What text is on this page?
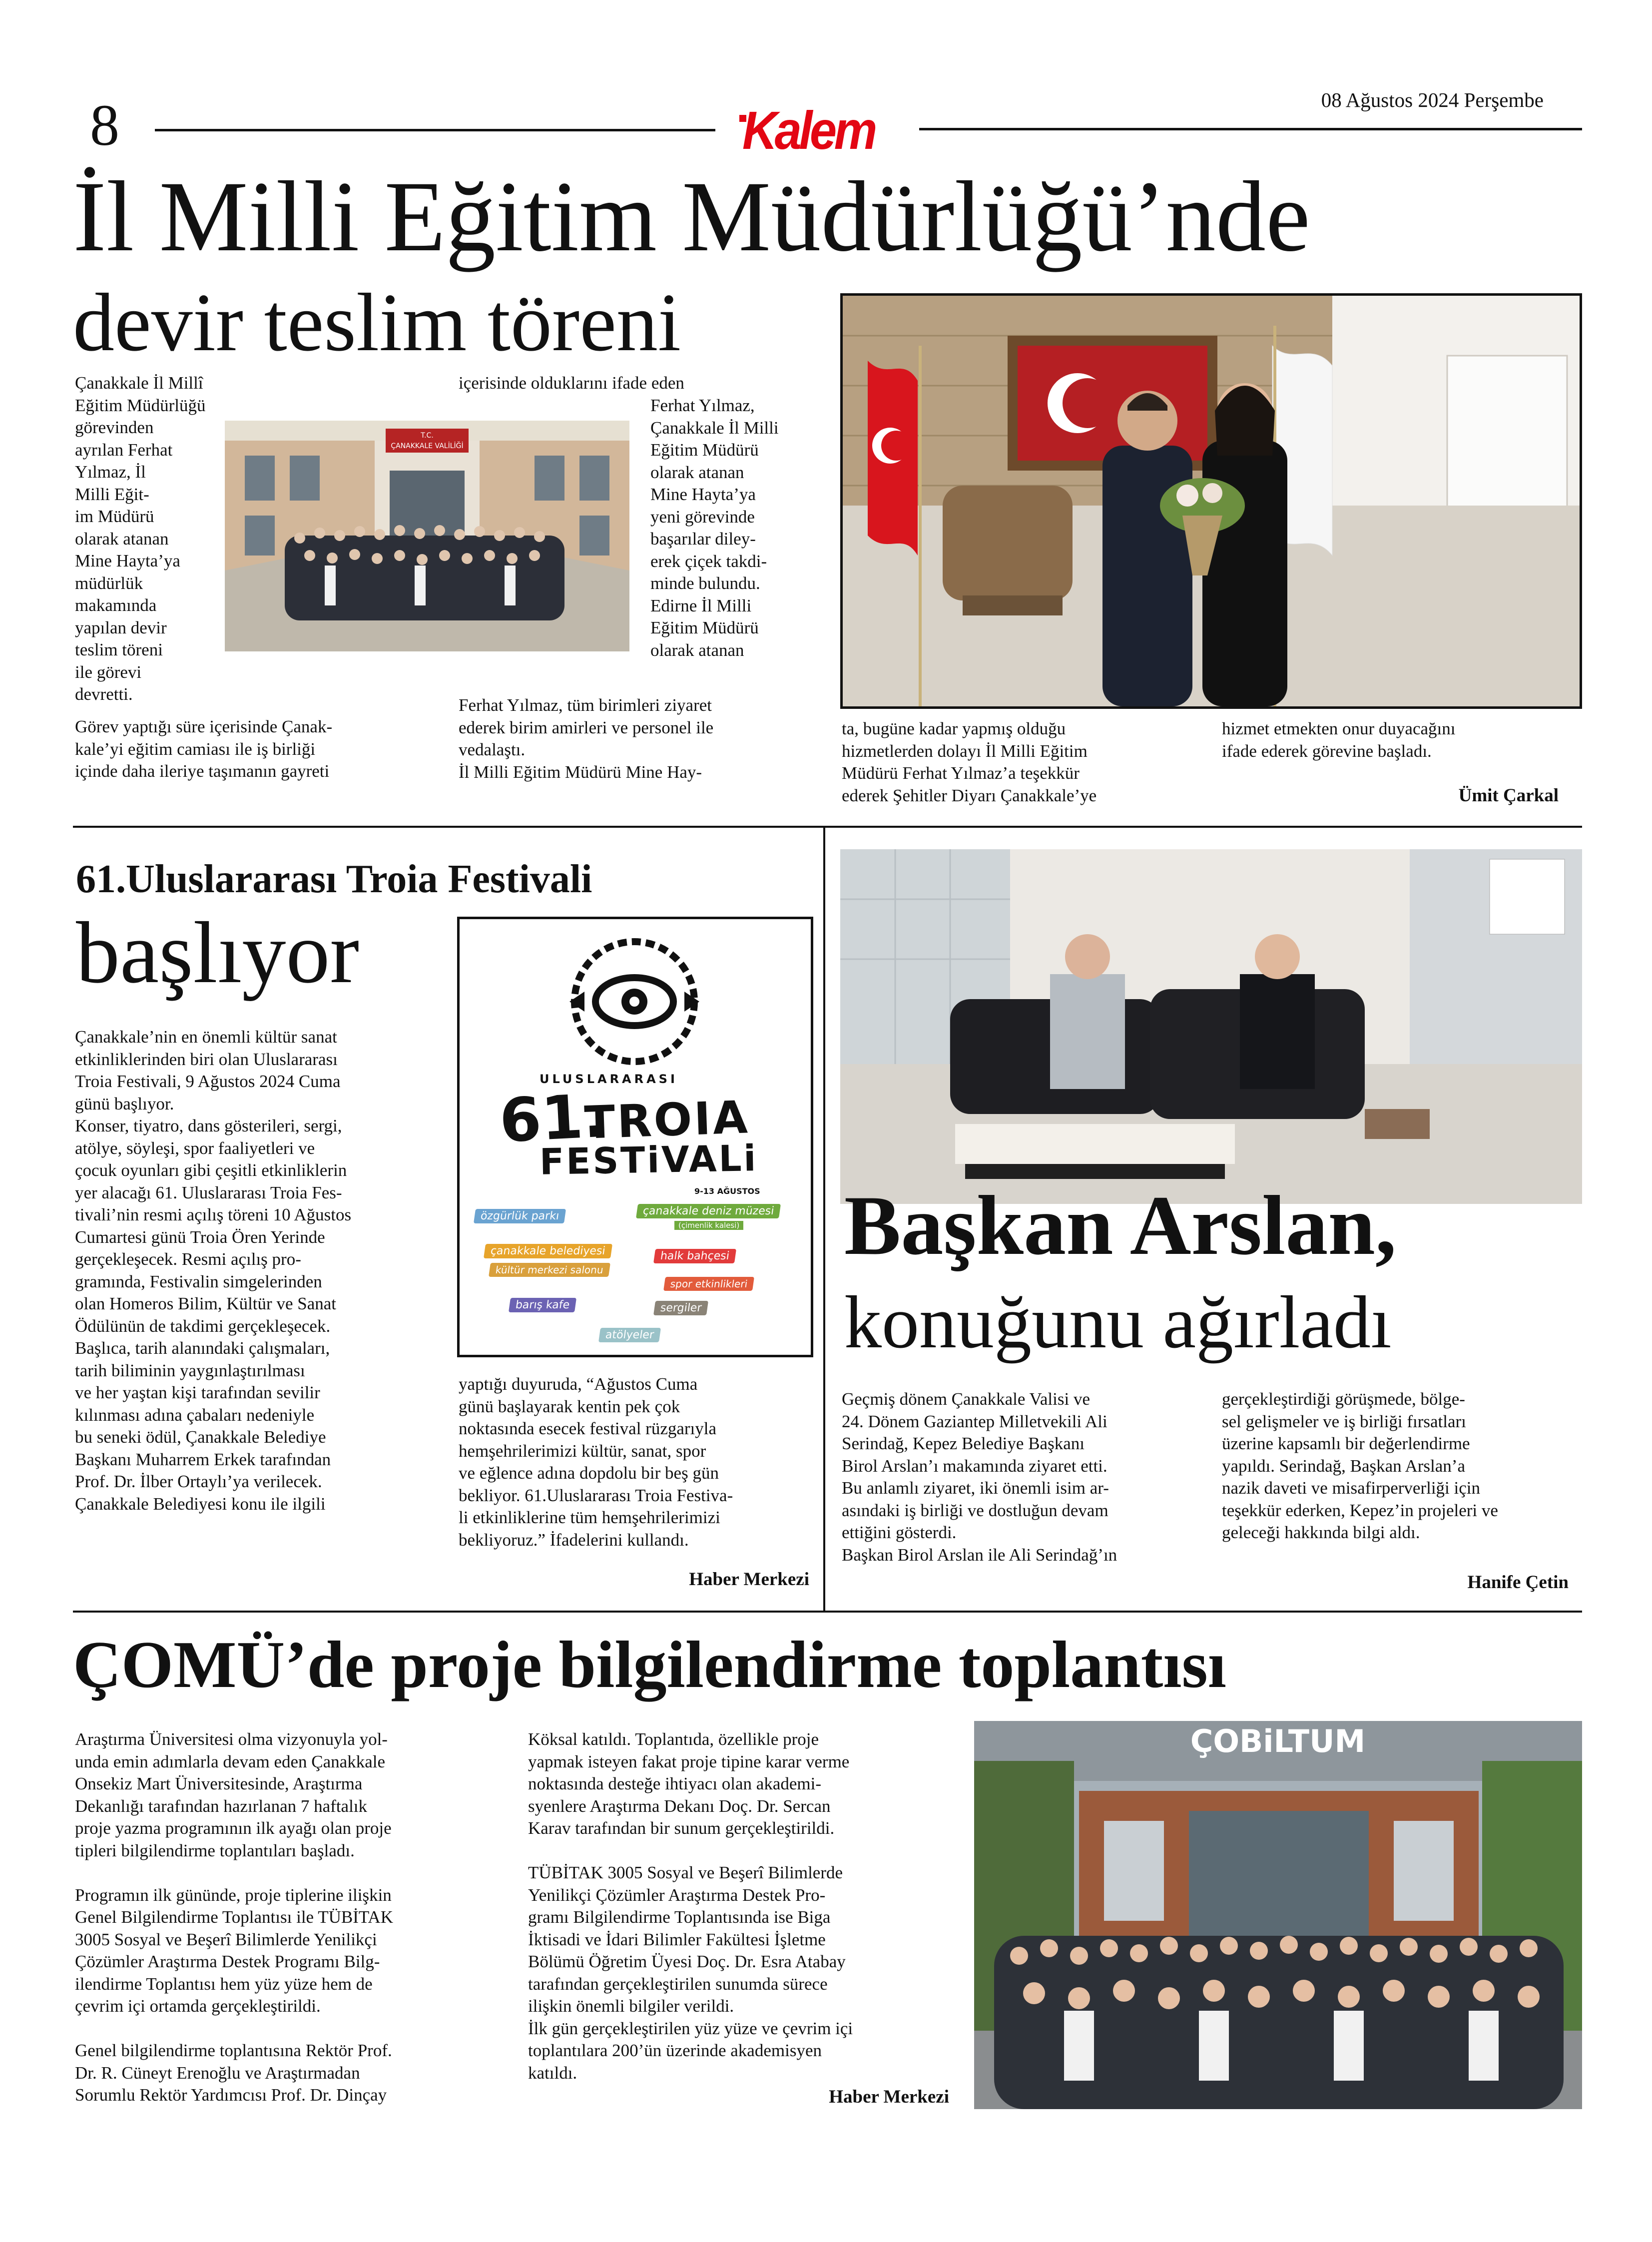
8	Kalem	08 Ağustos 2024 Perşembe
İl Milli Eğitim Müdürlüğü’nde
devir teslim töreni
Çanakkale İl Millî Eğitim Müdürlüğü
görevinden
ayrılan Ferhat
Yılmaz, İl
Milli Eğit-
im Müdürü
olarak atanan
Mine Hayta’ya
müdürlük
makamında
yapılan devir
teslim töreni
ile görevi
devretti.
Görev yaptığı süre içerisinde Çanak-
kale’yi eğitim camiası ile iş birliği
içinde daha ileriye taşımanın gayreti
içerisinde olduklarını ifade eden
Ferhat Yılmaz,
Çanakkale İl Milli
Eğitim Müdürü
olarak atanan
Mine Hayta’ya
yeni görevinde
başarılar diley-
erek çiçek takdi-
minde bulundu.
Edirne İl Milli
Eğitim Müdürü
olarak atanan
Ferhat Yılmaz, tüm birimleri ziyaret
ederek birim amirleri ve personel ile
vedalaştı.
İl Milli Eğitim Müdürü Mine Hay-
T.C.
ÇANAKKALE VALİLİĞİ
ta, bugüne kadar yapmış olduğu
hizmetlerden dolayı İl Milli Eğitim
Müdürü Ferhat Yılmaz’a teşekkür
ederek Şehitler Diyarı Çanakkale’ye
hizmet etmekten onur duyacağını
ifade ederek görevine başladı.
Ümit Çarkal
61.Uluslararası Troia Festivali
başlıyor
Çanakkale’nin en önemli kültür sanat
etkinliklerinden biri olan Uluslararası
Troia Festivali, 9 Ağustos 2024 Cuma
günü başlıyor.
Konser, tiyatro, dans gösterileri, sergi,
atölye, söyleşi, spor faaliyetleri ve
çocuk oyunları gibi çeşitli etkinliklerin
yer alacağı 61. Uluslararası Troia Fes-
tivali’nin resmi açılış töreni 10 Ağustos
Cumartesi günü Troia Ören Yerinde
gerçekleşecek. Resmi açılış pro-
gramında, Festivalin simgelerinden
olan Homeros Bilim, Kültür ve Sanat
Ödülünün de takdimi gerçekleşecek.
Başlıca, tarih alanındaki çalışmaları,
tarih biliminin yaygınlaştırılması
ve her yaştan kişi tarafından sevilir
kılınması adına çabaları nedeniyle
bu seneki ödül, Çanakkale Belediye
Başkanı Muharrem Erkek tarafından
Prof. Dr. İlber Ortaylı’ya verilecek.
Çanakkale Belediyesi konu ile ilgili
ULUSLARARASI
61.
TROIA
FESTiVALi
9-13 AĞUSTOS
özgürlük parkı	çanakkale deniz müzesi
(çimenlik kalesi)
çanakkale belediyesi
kültür merkezi salonu
halk bahçesi
spor etkinlikleri
barış kafe	sergiler
atölyeler
yaptığı duyuruda, “Ağustos Cuma
günü başlayarak kentin pek çok
noktasında esecek festival rüzgarıyla
hemşehrilerimizi kültür, sanat, spor
ve eğlence adına dopdolu bir beş gün
bekliyor. 61.Uluslararası Troia Festiva-
li etkinliklerine tüm hemşehrilerimizi
bekliyoruz.” İfadelerini kullandı.
Haber Merkezi
Başkan Arslan,
konuğunu ağırladı
Geçmiş dönem Çanakkale Valisi ve
24. Dönem Gaziantep Milletvekili Ali
Serindağ, Kepez Belediye Başkanı
Birol Arslan’ı makamında ziyaret etti.
Bu anlamlı ziyaret, iki önemli isim ar-
asındaki iş birliği ve dostluğun devam
ettiğini gösterdi.
Başkan Birol Arslan ile Ali Serindağ’ın
gerçekleştirdiği görüşmede, bölge-
sel gelişmeler ve iş birliği fırsatları
üzerine kapsamlı bir değerlendirme
yapıldı. Serindağ, Başkan Arslan’a
nazik daveti ve misafirperverliği için
teşekkür ederken, Kepez’in projeleri ve
geleceği hakkında bilgi aldı.
Hanife Çetin
ÇOMÜ’de proje bilgilendirme toplantısı
Araştırma Üniversitesi olma vizyonuyla yol-
unda emin adımlarla devam eden Çanakkale
Onsekiz Mart Üniversitesinde, Araştırma
Dekanlığı tarafından hazırlanan 7 haftalık
proje yazma programının ilk ayağı olan proje
tipleri bilgilendirme toplantıları başladı.

Programın ilk gününde, proje tiplerine ilişkin
Genel Bilgilendirme Toplantısı ile TÜBİTAK
3005 Sosyal ve Beşerî Bilimlerde Yenilikçi
Çözümler Araştırma Destek Programı Bilg-
ilendirme Toplantısı hem yüz yüze hem de
çevrim içi ortamda gerçekleştirildi.

Genel bilgilendirme toplantısına Rektör Prof.
Dr. R. Cüneyt Erenoğlu ve Araştırmadan
Sorumlu Rektör Yardımcısı Prof. Dr. Dinçay
Köksal katıldı. Toplantıda, özellikle proje
yapmak isteyen fakat proje tipine karar verme
noktasında desteğe ihtiyacı olan akademi-
syenlere Araştırma Dekanı Doç. Dr. Sercan
Karav tarafından bir sunum gerçekleştirildi.

TÜBİTAK 3005 Sosyal ve Beşerî Bilimlerde
Yenilikçi Çözümler Araştırma Destek Pro-
gramı Bilgilendirme Toplantısında ise Biga
İktisadi ve İdari Bilimler Fakültesi İşletme
Bölümü Öğretim Üyesi Doç. Dr. Esra Atabay
tarafından gerçekleştirilen sunumda sürece
ilişkin önemli bilgiler verildi.
İlk gün gerçekleştirilen yüz yüze ve çevrim içi
toplantılara 200’ün üzerinde akademisyen
katıldı.
Haber Merkezi
ÇOBiLTUM
